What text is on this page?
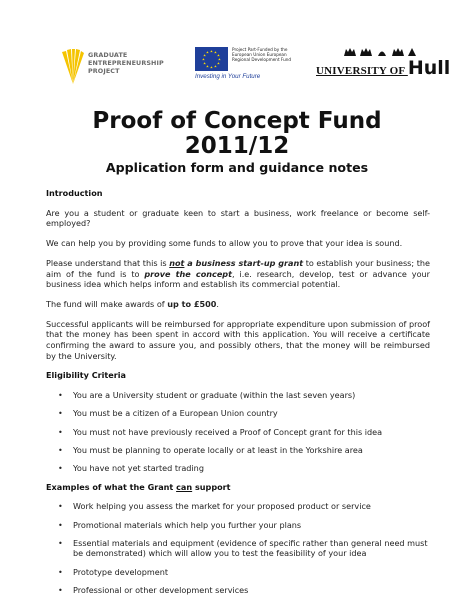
GRADUATE
ENTREPRENEURSHIP
PROJECT
★ ★
★
★
★
★
★
★
★
★
★
★
Project Part-Funded by the European Union European Regional Development Fund
Investing in Your Future	UNIVERSITY OF Hull
Proof of Concept Fund
2011/12
Application form and guidance notes
Introduction

Are you a student or graduate keen to start a business, work freelance or become self-employed?

We can help you by providing some funds to allow you to prove that your idea is sound.

Please understand that this is not a business start-up grant to establish your business; the aim of the fund is to prove the concept, i.e. research, develop, test or advance your business idea which helps inform and establish its commercial potential.

The fund will make awards of up to £500.

Successful applicants will be reimbursed for appropriate expenditure upon submission of proof that the money has been spent in accord with this application. You will receive a certificate confirming the award to assure you, and possibly others, that the money will be reimbursed by the University.

Eligibility Criteria
• You are a University student or graduate (within the last seven years)
• You must be a citizen of a European Union country
• You must not have previously received a Proof of Concept grant for this idea
• You must be planning to operate locally or at least in the Yorkshire area
• You have not yet started trading
Examples of what the Grant can support
• Work helping you assess the market for your proposed product or service
• Promotional materials which help you further your plans
• Essential materials and equipment (evidence of specific rather than general need must be demonstrated) which will allow you to test the feasibility of your idea
• Prototype development
• Professional or other development services
